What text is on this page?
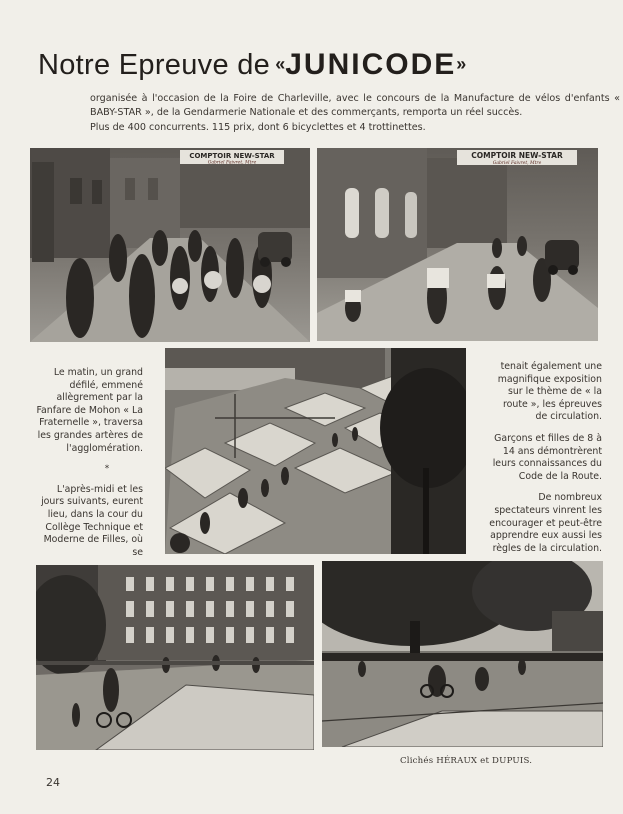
Notre Epreuve de «JUNICODE»

organisée à l'occasion de la Foire de Charleville, avec le concours de la Manufacture de vélos d'enfants « BABY-STAR », de la Gendarmerie Nationale et des commerçants, remporta un réel succès.

Plus de 400 concurrents. 115 prix, dont 6 bicyclettes et 4 trottinettes.

COMPTOIR NEW-STAR
Gabriel Faivret, Mtre
COMPTOIR NEW-STAR
Gabriel Faivret, Mtre

Le matin, un grand défilé, emmené allègrement par la Fanfare de Mohon « La Fraternelle », traversa les grandes artères de l'agglomération.

*

L'après-midi et les jours suivants, eurent lieu, dans la cour du Collège Technique et Moderne de Filles, où se

tenait également une magnifique exposition sur le thème de « la route », les épreuves de circulation.

Garçons et filles de 8 à 14 ans démontrèrent leurs connaissances du Code de la Route.

De nombreux spectateurs vinrent les encourager et peut-être apprendre eux aussi les règles de la circulation.

Clichés HÉRAUX et DUPUIS.
24
